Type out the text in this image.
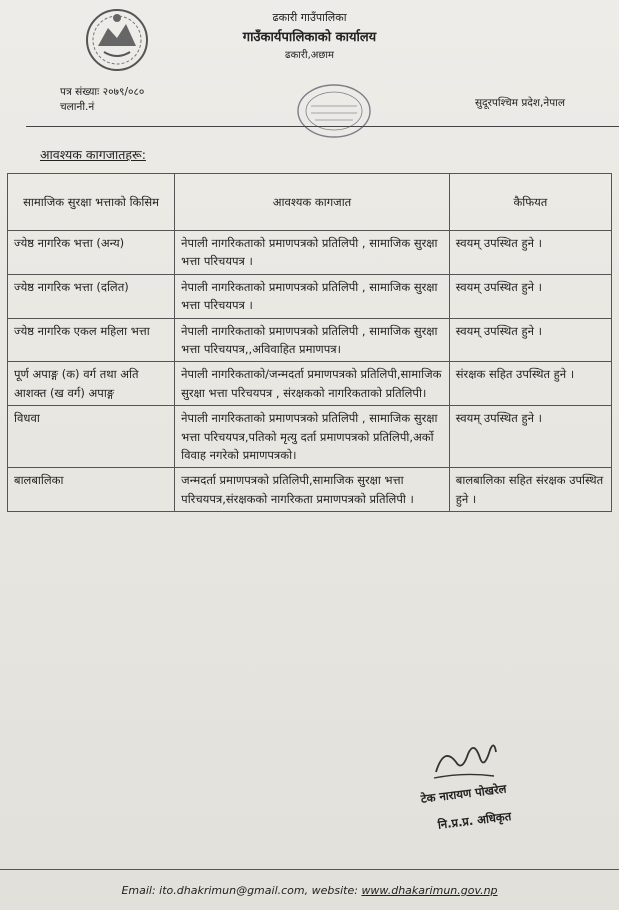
ढकारी गाउँपालिका
गाउँकार्यपालिकाको कार्यालय
ढकारी,अछाम
पत्र संख्याः २०७९/०८०
चलानी.नं	सुदूरपश्चिम प्रदेश,नेपाल
आवश्यक कागजातहरू:
सामाजिक सुरक्षा भत्ताको किसिम	आवश्यक कागजात	कैफियत
ज्येष्ठ नागरिक भत्ता (अन्य)	नेपाली नागरिकताको प्रमाणपत्रको प्रतिलिपी , सामाजिक सुरक्षा भत्ता परिचयपत्र ।	स्वयम् उपस्थित हुने ।
ज्येष्ठ नागरिक भत्ता (दलित)	नेपाली नागरिकताको प्रमाणपत्रको प्रतिलिपी , सामाजिक सुरक्षा भत्ता परिचयपत्र ।	स्वयम् उपस्थित हुने ।
ज्येष्ठ नागरिक एकल महिला भत्ता	नेपाली नागरिकताको प्रमाणपत्रको प्रतिलिपी , सामाजिक सुरक्षा भत्ता परिचयपत्र,,अविवाहित प्रमाणपत्र।	स्वयम् उपस्थित हुने ।
पूर्ण अपाङ्ग (क) वर्ग तथा अति आशक्त (ख वर्ग) अपाङ्ग	नेपाली नागरिकताको/जन्मदर्ता प्रमाणपत्रको प्रतिलिपी,सामाजिक सुरक्षा भत्ता परिचयपत्र , संरक्षकको नागरिकताको प्रतिलिपी।	संरक्षक सहित उपस्थित हुने ।
विधवा	नेपाली नागरिकताको प्रमाणपत्रको प्रतिलिपी , सामाजिक सुरक्षा भत्ता परिचयपत्र,पतिको मृत्यु दर्ता प्रमाणपत्रको प्रतिलिपी,अर्को विवाह नगरेको प्रमाणपत्रको।	स्वयम् उपस्थित हुने ।
बालबालिका	जन्मदर्ता प्रमाणपत्रको प्रतिलिपी,सामाजिक सुरक्षा भत्ता परिचयपत्र,संरक्षकको नागरिकता प्रमाणपत्रको प्रतिलिपी ।	बालबालिका सहित संरक्षक उपस्थित हुने ।
टेक नारायण पोखरेल
नि.प्र.प्र. अधिकृत
Email: ito.dhakrimun@gmail.com, website: www.dhakarimun.gov.np
